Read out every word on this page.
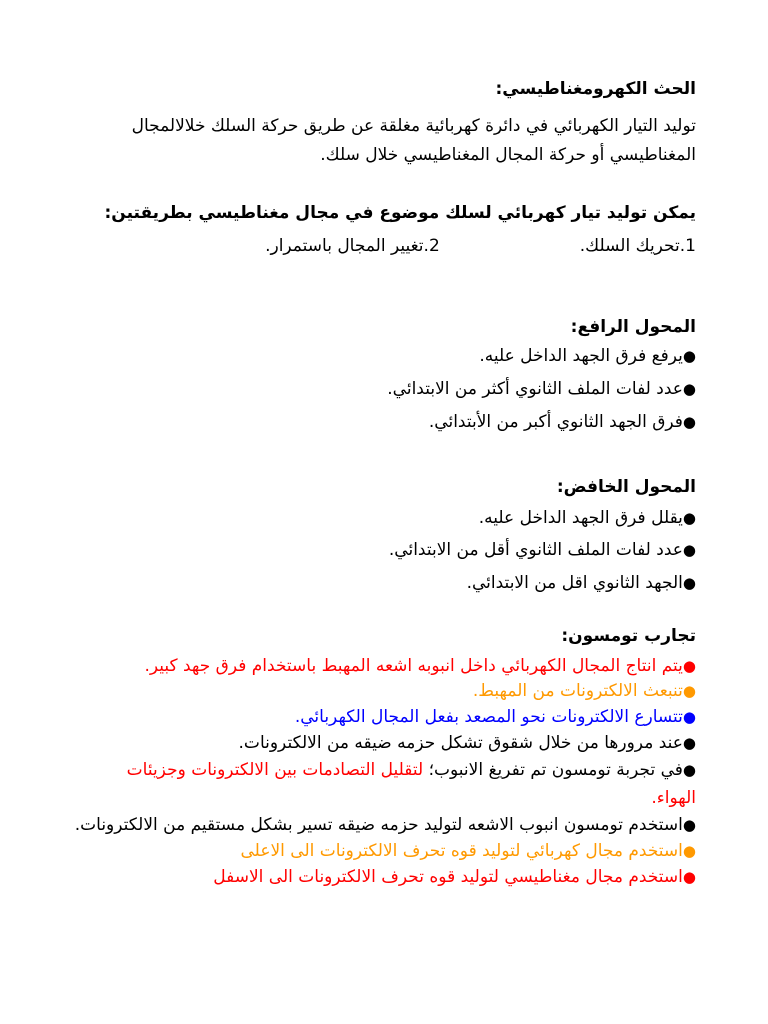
الحث الكهرومغناطيسي:
توليد التيار الكهربائي في دائرة كهربائية مغلقة عن طريق حركة السلك خلالالمجال
المغناطيسي أو حركة المجال المغناطيسي خلال سلك.
يمكن توليد تيار كهربائي لسلك موضوع في مجال مغناطيسي بطريقتين:
1.تحريك السلك.
2.تغيير المجال باستمرار.
المحول الرافع:
●يرفع فرق الجهد الداخل عليه.
●عدد لفات الملف الثانوي أكثر من الابتدائي.
●فرق الجهد الثانوي أكبر من الأبتدائي.
المحول الخافض:
●يقلل فرق الجهد الداخل عليه.
●عدد لفات الملف الثانوي أقل من الابتدائي.
●الجهد الثانوي اقل من الابتدائي.
تجارب تومسون:
●يتم انتاج المجال الكهربائي داخل انبوبه اشعه المهبط باستخدام فرق جهد كبير.
●تنبعث الالكترونات من المهبط.
●تتسارع الالكترونات نحو المصعد بفعل المجال الكهربائي.
●عند مرورها من خلال شقوق تشكل حزمه ضيقه من الالكترونات.
●في تجربة تومسون تم تفريغ الانبوب؛ لتقليل التصادمات بين الالكترونات وجزيئات
الهواء.
●استخدم تومسون انبوب الاشعه لتوليد حزمه ضيقه تسير بشكل مستقيم من الالكترونات.
●استخدم مجال كهربائي لتوليد قوه تحرف الالكترونات الى الاعلى
●استخدم مجال مغناطيسي لتوليد قوه تحرف الالكترونات الى الاسفل
